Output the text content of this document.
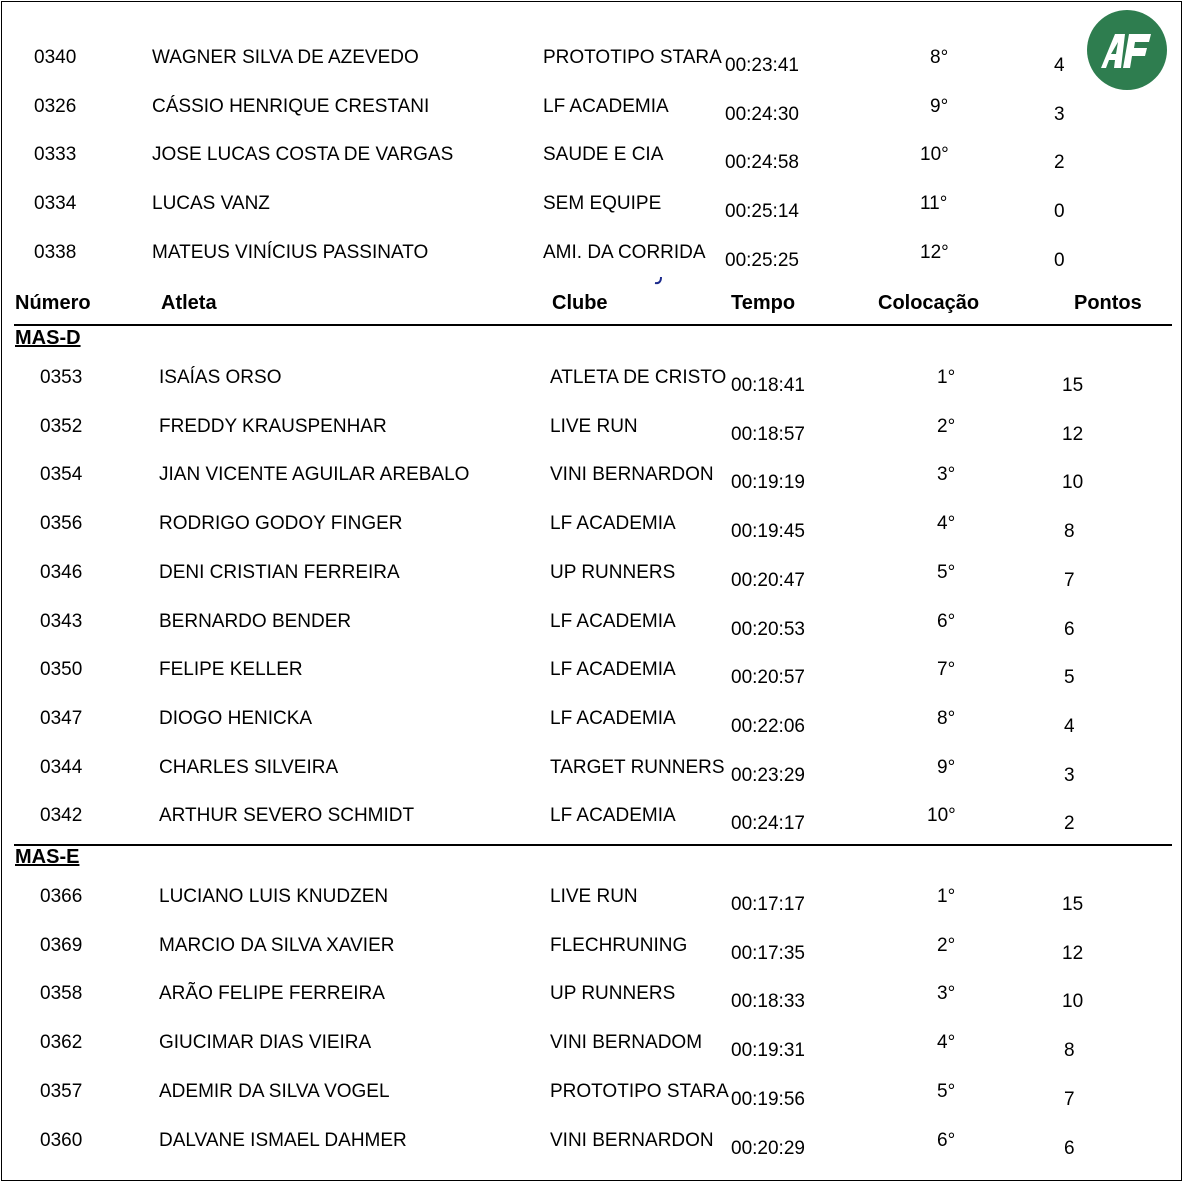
0340	WAGNER SILVA DE AZEVEDO	PROTOTIPO STARA 00:23:41	8°	4
0326	CÁSSIO HENRIQUE CRESTANI	LF ACADEMIA	00:24:30	9°	3
0333	JOSE LUCAS COSTA DE VARGAS	SAUDE E CIA	00:24:58	10°	2
0334	LUCAS VANZ	SEM EQUIPE	00:25:14	11°	0
0338	MATEUS VINÍCIUS PASSINATO	AMI. DA CORRIDA 00:25:25	12°	0
Número	Atleta	Clube	Tempo	Colocação	Pontos
MAS-D
0353	ISAÍAS ORSO	ATLETA DE CRISTO 00:18:41	1°	15
0352	FREDDY KRAUSPENHAR	LIVE RUN	00:18:57	2°	12
0354	JIAN VICENTE AGUILAR AREBALO	VINI BERNARDON 00:19:19	3°	10
0356	RODRIGO GODOY FINGER	LF ACADEMIA	00:19:45	4°	8
0346	DENI CRISTIAN FERREIRA	UP RUNNERS	00:20:47	5°	7
0343	BERNARDO BENDER	LF ACADEMIA	00:20:53	6°	6
0350	FELIPE KELLER	LF ACADEMIA	00:20:57	7°	5
0347	DIOGO HENICKA	LF ACADEMIA	00:22:06	8°	4
0344	CHARLES SILVEIRA	TARGET RUNNERS 00:23:29	9°	3
0342	ARTHUR SEVERO SCHMIDT	LF ACADEMIA	00:24:17	10°	2
MAS-E
0366	LUCIANO LUIS KNUDZEN	LIVE RUN	00:17:17	1°	15
0369	MARCIO DA SILVA XAVIER	FLECHRUNING 00:17:35	2°	12
0358	ARÃO FELIPE FERREIRA	UP RUNNERS	00:18:33	3°	10
0362	GIUCIMAR DIAS VIEIRA	VINI BERNADOM 00:19:31	4°	8
0357	ADEMIR DA SILVA VOGEL	PROTOTIPO STARA 00:19:56	5°	7
0360	DALVANE ISMAEL DAHMER	VINI BERNARDON 00:20:29	6°	6
